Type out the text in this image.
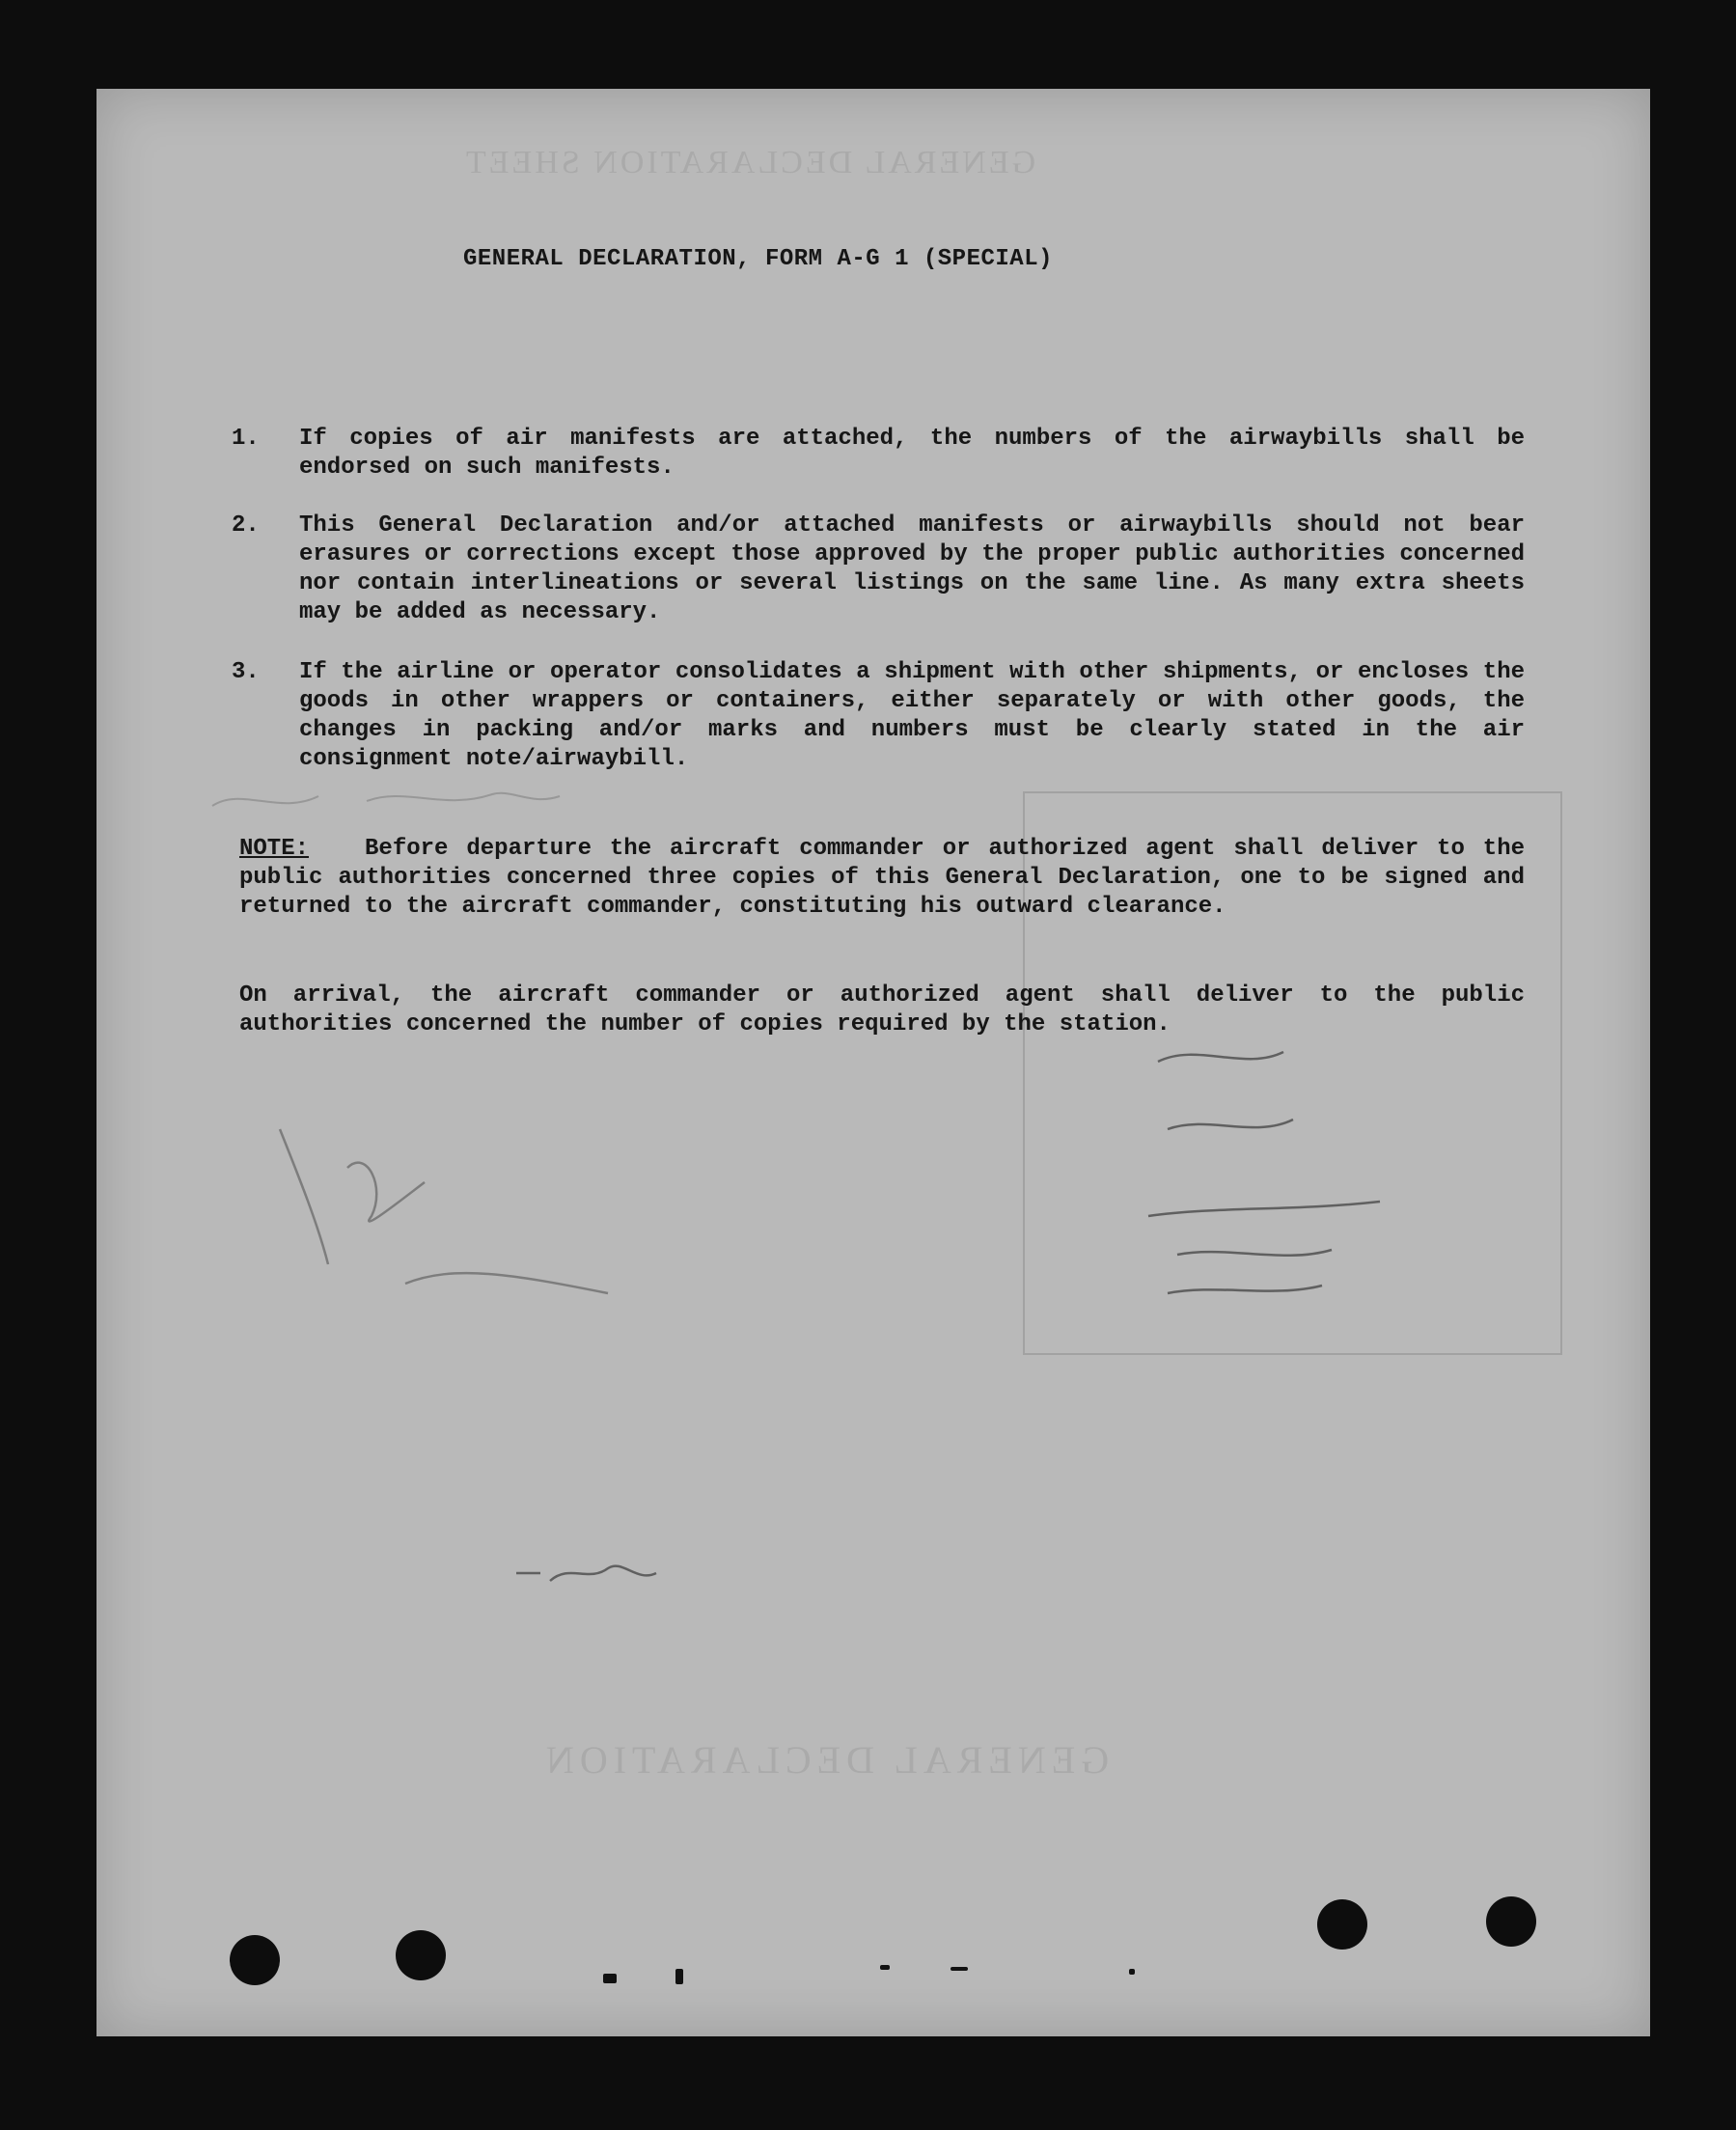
GENERAL DECLARATION SHEET
GENERAL DECLARATION
GENERAL DECLARATION, FORM A-G 1 (SPECIAL)
1.	If copies of air manifests are attached, the numbers of the airwaybills shall be endorsed on such manifests.
2.	This General Declaration and/or attached manifests or airwaybills should not bear erasures or corrections except those approved by the proper public authorities concerned nor contain interlineations or several listings on the same line. As many extra sheets may be added as necessary.
3.	If the airline or operator consolidates a shipment with other shipments, or encloses the goods in other wrappers or containers, either separately or with other goods, the changes in packing and/or marks and numbers must be clearly stated in the air consignment note/airwaybill.
NOTE: Before departure the aircraft commander or authorized agent shall deliver to the public authorities concerned three copies of this General Declaration, one to be signed and returned to the aircraft commander, constituting his outward clearance.
On arrival, the aircraft commander or authorized agent shall deliver to the public authorities concerned the number of copies required by the station.
